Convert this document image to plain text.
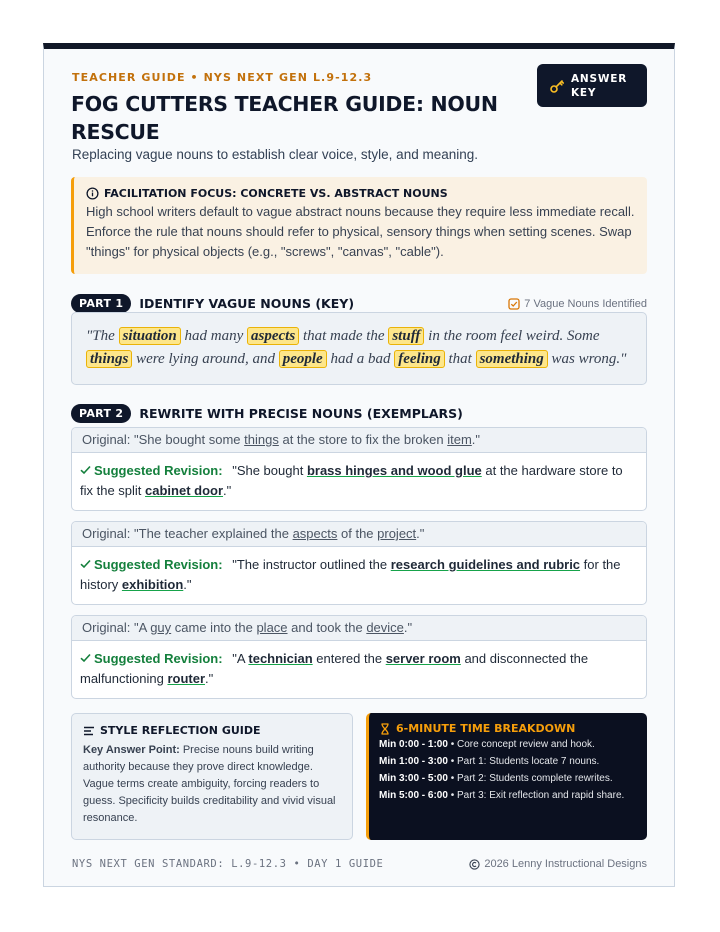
TEACHER GUIDE • NYS NEXT GEN L.9-12.3
FOG CUTTERS TEACHER GUIDE: NOUN RESCUE
Replacing vague nouns to establish clear voice, style, and meaning.
ANSWER KEY
FACILITATION FOCUS: CONCRETE VS. ABSTRACT NOUNS
High school writers default to vague abstract nouns because they require less immediate recall. Enforce the rule that nouns should refer to physical, sensory things when setting scenes. Swap "things" for physical objects (e.g., "screws", "canvas", "cable").
PART 1	IDENTIFY VAGUE NOUNS (KEY)	7 Vague Nouns Identified
"The situation had many aspects that made the stuff in the room feel weird. Some things were lying around, and people had a bad feeling that something was wrong."
PART 2	REWRITE WITH PRECISE NOUNS (EXEMPLARS)
Original: "She bought some things at the store to fix the broken item."
Suggested Revision: "She bought brass hinges and wood glue at the hardware store to fix the split cabinet door."
Original: "The teacher explained the aspects of the project."
Suggested Revision: "The instructor outlined the research guidelines and rubric for the history exhibition."
Original: "A guy came into the place and took the device."
Suggested Revision: "A technician entered the server room and disconnected the malfunctioning router."
STYLE REFLECTION GUIDE
Key Answer Point: Precise nouns build writing authority because they prove direct knowledge. Vague terms create ambiguity, forcing readers to guess. Specificity builds creditability and vivid visual resonance.
6-MINUTE TIME BREAKDOWN
Min 0:00 - 1:00 • Core concept review and hook.
Min 1:00 - 3:00 • Part 1: Students locate 7 nouns.
Min 3:00 - 5:00 • Part 2: Students complete rewrites.
Min 5:00 - 6:00 • Part 3: Exit reflection and rapid share.
NYS NEXT GEN STANDARD: L.9-12.3 • DAY 1 GUIDE	2026 Lenny Instructional Designs
